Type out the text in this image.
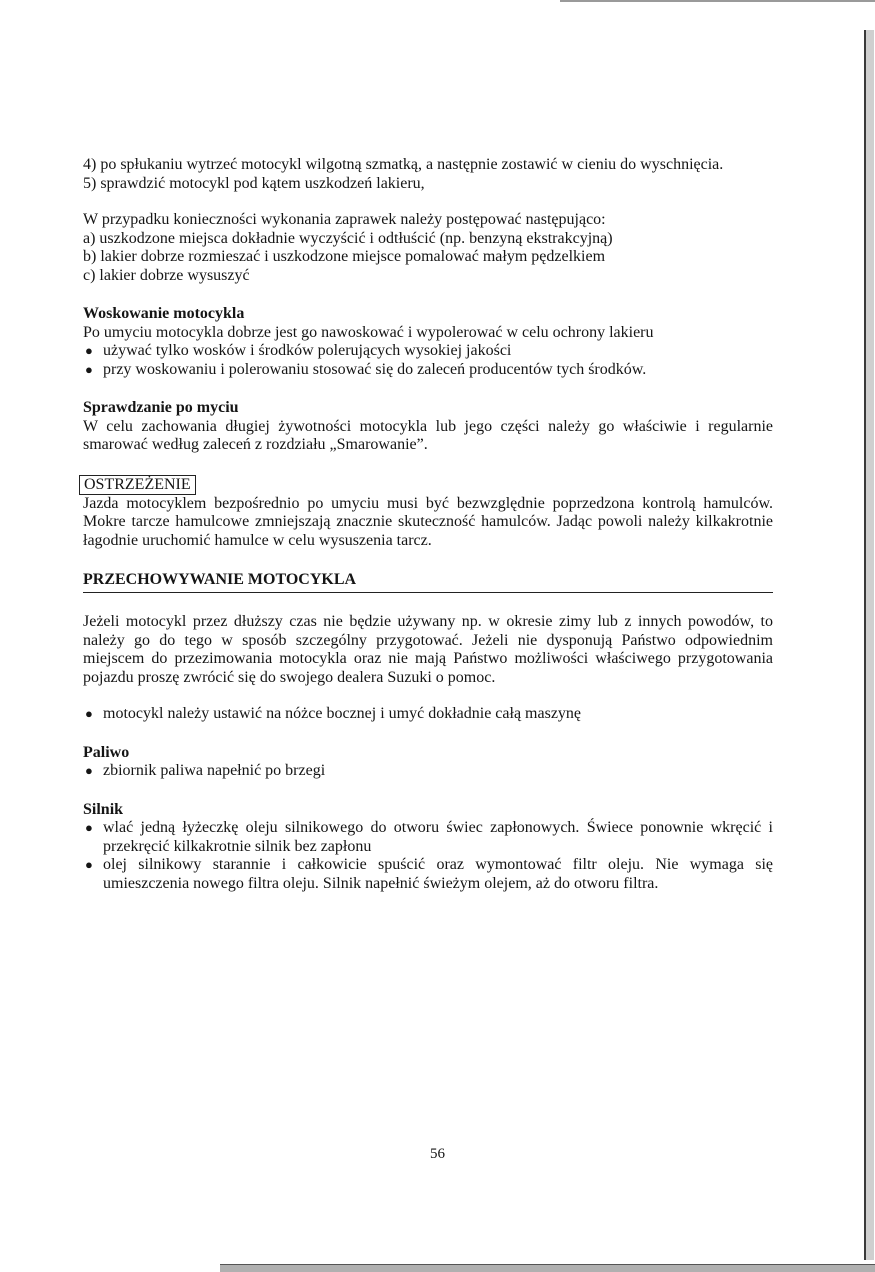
4) po spłukaniu wytrzeć motocykl wilgotną szmatką, a następnie zostawić w cieniu do wyschnięcia.

5) sprawdzić motocykl pod kątem uszkodzeń lakieru,

W przypadku konieczności wykonania zaprawek należy postępować następująco:

a) uszkodzone miejsca dokładnie wyczyścić i odtłuścić (np. benzyną ekstrakcyjną)

b) lakier dobrze rozmieszać i uszkodzone miejsce pomalować małym pędzelkiem

c) lakier dobrze wysuszyć

Woskowanie motocykla

Po umyciu motocykla dobrze jest go nawoskować i wypolerować w celu ochrony lakieru

● używać tylko wosków i środków polerujących wysokiej jakości
● przy woskowaniu i polerowaniu stosować się do zaleceń producentów tych środków.
Sprawdzanie po myciu

W celu zachowania długiej żywotności motocykla lub jego części należy go właściwie i regularnie smarować według zaleceń z rozdziału „Smarowanie”.

OSTRZEŻENIE

Jazda motocyklem bezpośrednio po umyciu musi być bezwzględnie poprzedzona kontrolą hamulców. Mokre tarcze hamulcowe zmniejszają znacznie skuteczność hamulców. Jadąc powoli należy kilkakrotnie łagodnie uruchomić hamulce w celu wysuszenia tarcz.

PRZECHOWYWANIE MOTOCYKLA

Jeżeli motocykl przez dłuższy czas nie będzie używany np. w okresie zimy lub z innych powodów, to należy go do tego w sposób szczególny przygotować. Jeżeli nie dysponują Państwo odpowiednim miejscem do przezimowania motocykla oraz nie mają Państwo możliwości właściwego przygotowania pojazdu proszę zwrócić się do swojego dealera Suzuki o pomoc.

● motocykl należy ustawić na nóżce bocznej i umyć dokładnie całą maszynę
Paliwo
● zbiornik paliwa napełnić po brzegi
Silnik
● wlać jedną łyżeczkę oleju silnikowego do otworu świec zapłonowych. Świece ponownie wkręcić i przekręcić kilkakrotnie silnik bez zapłonu
● olej silnikowy starannie i całkowicie spuścić oraz wymontować filtr oleju. Nie wymaga się umieszczenia nowego filtra oleju. Silnik napełnić świeżym olejem, aż do otworu filtra.
56
